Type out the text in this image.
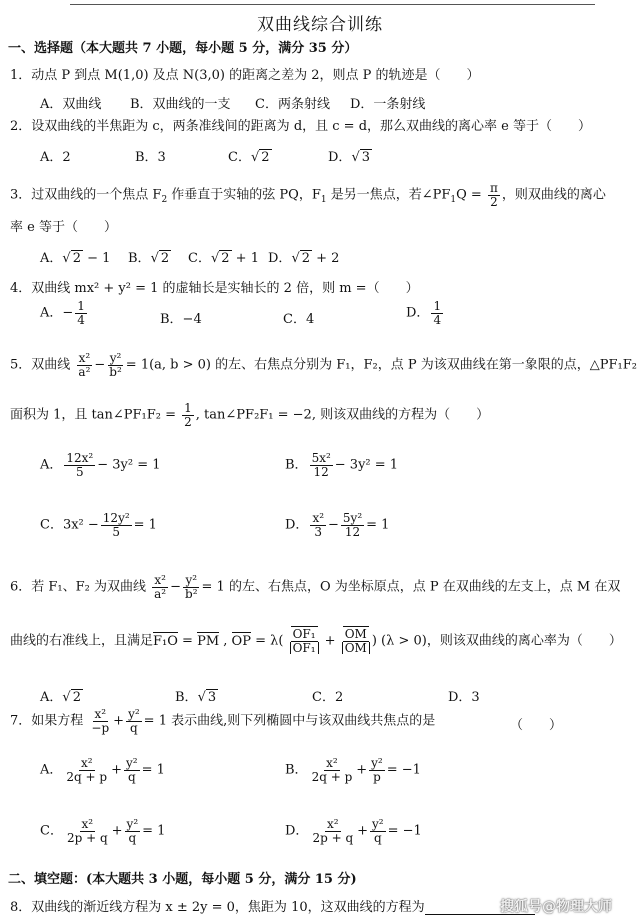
双曲线综合训练
一、选择题（本大题共 7 小题，每小题 5 分，满分 35 分）
1．动点 P 到点 M(1,0) 及点 N(3,0) 的距离之差为 2，则点 P 的轨迹是（　　）
A．双曲线 B．双曲线的一支 C．两条射线 D．一条射线
2．设双曲线的半焦距为 c，两条准线间的距离为 d，且 c = d，那么双曲线的离心率 e 等于（　　）
A．2	B．3	C．√ 2	D．√ 3
3．过双曲线的一个焦点 $F_2$ 作垂直于实轴的弦 PQ，$F_1$ 是另一焦点，若$\angle PF_1Q = \frac{\pi}{2}$ ，则双曲线的离心
率 e 等于（　　）
A．√ 2 − 1 B．√ 2 C．√ 2 + 1 D．√ 2 + 2
4．双曲线 mx² + y² = 1 的虚轴长是实轴长的 2 倍，则 m =（　　）
A．− $\frac{1}{4}$	B．−4	C．4	D． $\frac{1}{4}$
5．双曲线 $\frac{\text{x²}}{\text{a²}} - \frac{\text{y²}}{\text{b²}} = 1(a$, b > 0) 的左、右焦点分别为 F₁，F₂，点 P 为该双曲线在第一象限的点，△PF₁F₂
面积为 1，且 tan∠PF₁F₂ = $\frac{1}{2}$ , tan∠PF₂F₁ = −2, 则该双曲线的方程为（　　）
A． $\frac{\text{12x²}}{5} - 3y^2 = 1$	B． $\frac{\text{5x²}}{12} - 3y^2 = 1$
C．$3x^2 - \frac{\text{12y²}}{5} = 1$	D． $\frac{\text{x²}}{3} - \frac{\text{5y²}}{12} = 1$
6．若 F₁、F₂ 为双曲线 $\frac{\text{x²}}{\text{a²}} - \frac{\text{y²}}{\text{b²}} = 1$ 的左、右焦点，O 为坐标原点，点 P 在双曲线的左支上，点 M 在双
曲线的右准线上，且满足F₁O = PM , OP = $\lambda( \frac{\text{OF₁}}{\text{OF₁}} + \frac{OM}{OM}$ ) (λ > 0)，则该双曲线的离心率为（　　）
A．√ 2	B．√ 3	C．2	D．3
7．如果方程 $\frac{\text{x²}}{-p} + \frac{\text{y²}}{q} = 1$ 表示曲线,则下列椭圆中与该双曲线共焦点的是	（　　）
A． $\frac{\text{x²}}{2q + p} + \frac{\text{y²}}{q} = 1$	B． $\frac{\text{x²}}{2q + p} + \frac{\text{y²}}{p} = -1$
C． $\frac{\text{x²}}{2p + q} + \frac{\text{y²}}{q} = 1$	D． $\frac{\text{x²}}{2p + q} + \frac{\text{y²}}{q} = -1$
二、填空题：(本大题共 3 小题，每小题 5 分，满分 15 分)
8．双曲线的渐近线方程为 x ± 2y = 0，焦距为 10，这双曲线的方程为	搜狐号@物理大师
